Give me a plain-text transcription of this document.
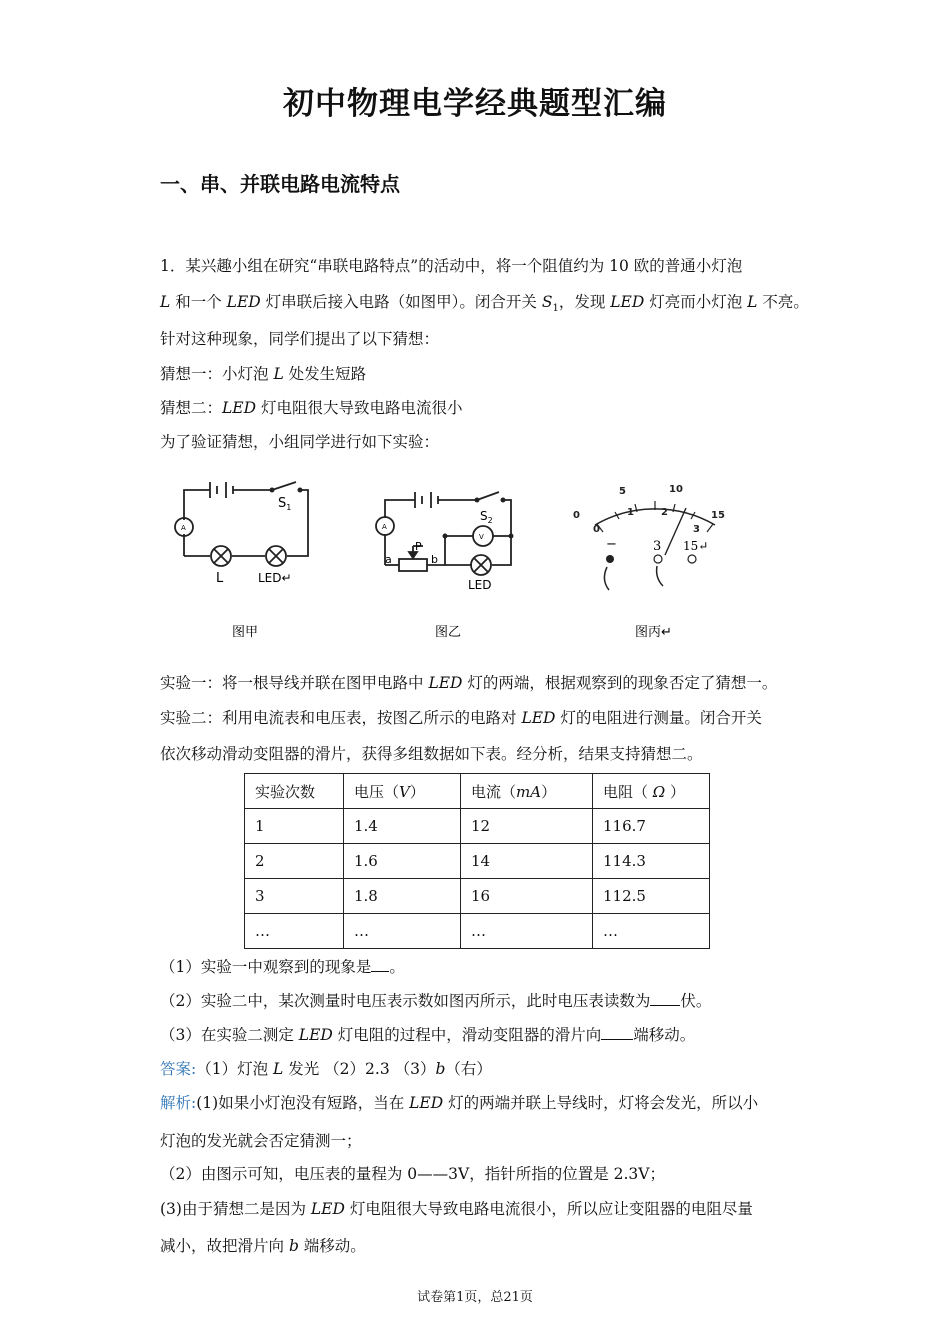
初中物理电学经典题型汇编
一、串、并联电路电流特点
1．某兴趣小组在研究“串联电路特点”的活动中，将一个阻值约为 10 欧的普通小灯泡
L 和一个 LED 灯串联后接入电路（如图甲）。闭合开关 $S_1$，发现 LED 灯亮而小灯泡 L 不亮。
针对这种现象，同学们提出了以下猜想：
猜想一：小灯泡 L 处发生短路
猜想二：LED 灯电阻很大导致电路电流很小
为了验证猜想，小组同学进行如下实验：
A
$S_1$
L	LED↵
图甲
A
V
$S_2$
P
a	b
LED
图乙
0
5	10
15
0
1	2
3
−	3 15↵
图丙↵
实验一：将一根导线并联在图甲电路中 LED 灯的两端，根据观察到的现象否定了猜想一。
实验二：利用电流表和电压表，按图乙所示的电路对 LED 灯的电阻进行测量。闭合开关
依次移动滑动变阻器的滑片，获得多组数据如下表。经分析，结果支持猜想二。
实验次数	电压（V）	电流（mA）	电阻（ Ω ）
1	1.4	12	116.7
2	1.6	14	114.3
3	1.8	16	112.5
…	…	…	…
（1）实验一中观察到的现象是 。
（2）实验二中，某次测量时电压表示数如图丙所示，此时电压表读数为 伏。
（3）在实验二测定 LED 灯电阻的过程中，滑动变阻器的滑片向 端移动。
答案:（1）灯泡 L 发光 （2）2.3 （3）b（右）
解析:(1)如果小灯泡没有短路，当在 LED 灯的两端并联上导线时，灯将会发光，所以小
灯泡的发光就会否定猜测一；
（2）由图示可知，电压表的量程为 0——3V，指针所指的位置是 2.3V；
(3)由于猜想二是因为 LED 灯电阻很大导致电路电流很小，所以应让变阻器的电阻尽量
减小，故把滑片向 b 端移动。
试卷第1页，总21页
